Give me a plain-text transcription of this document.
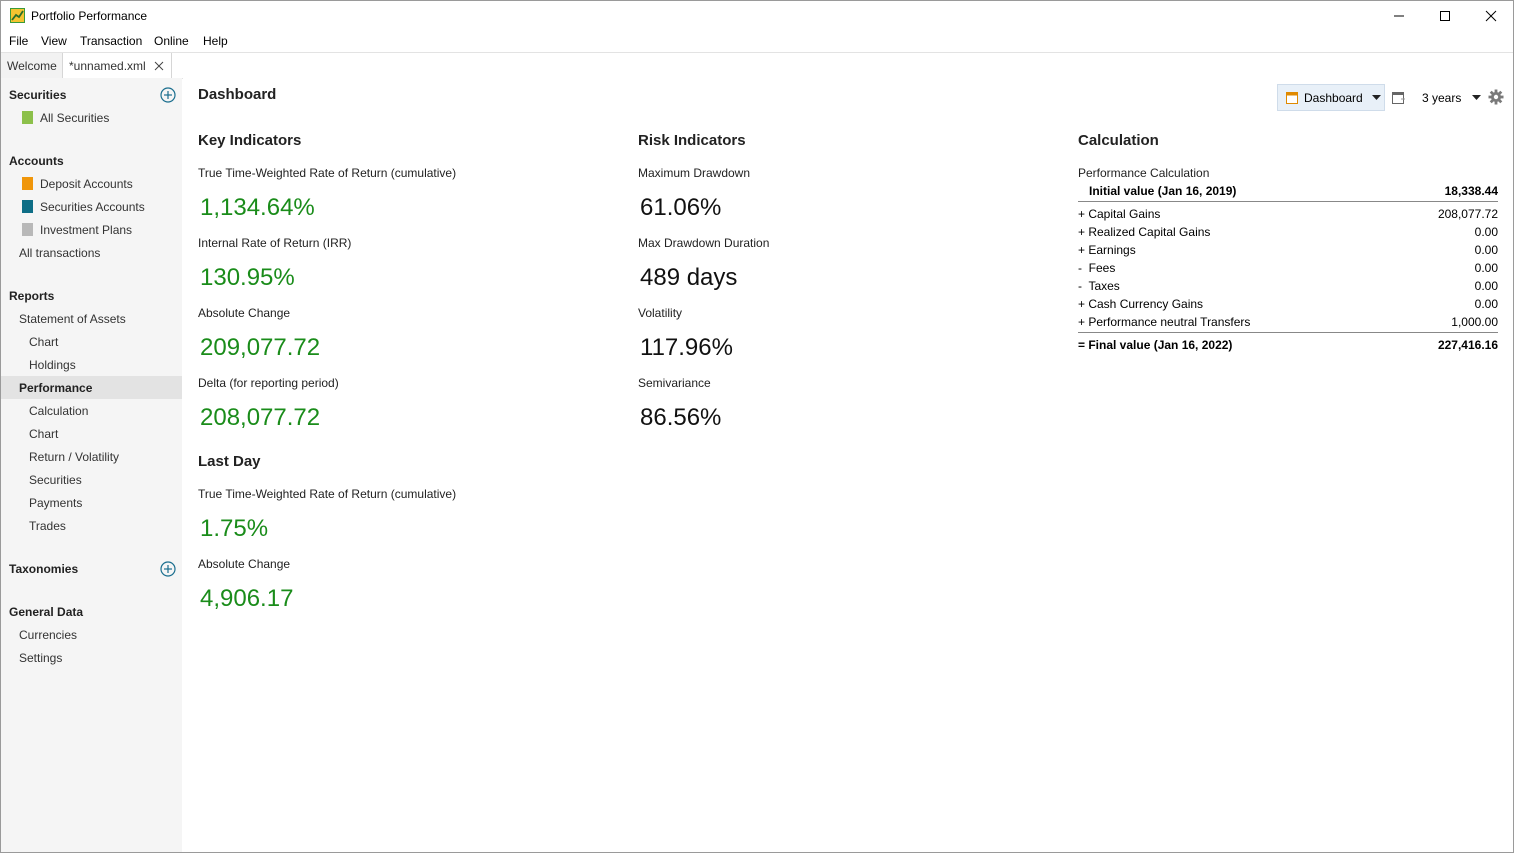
Portfolio Performance
File View Transaction Online Help
Welcome *unnamed.xml
Securities
All Securities
Accounts
Deposit Accounts
Securities Accounts
Investment Plans
All transactions
Reports
Statement of Assets
Chart
Holdings
Performance
Calculation
Chart
Return / Volatility
Securities
Payments
Trades
Taxonomies
General Data
Currencies
Settings
Dashboard	Dashboard	3 years
Key Indicators
True Time-Weighted Rate of Return (cumulative)
1,134.64%
Internal Rate of Return (IRR)
130.95%
Absolute Change
209,077.72
Delta (for reporting period)
208,077.72
Last Day
True Time-Weighted Rate of Return (cumulative)
1.75%
Absolute Change
4,906.17
Risk Indicators
Maximum Drawdown
61.06%
Max Drawdown Duration
489 days
Volatility
117.96%
Semivariance
86.56%
Calculation
Performance Calculation
Initial value (Jan 16, 2019)	18,338.44
+ Capital Gains	208,077.72
+ Realized Capital Gains	0.00
+ Earnings	0.00
-  Fees	0.00
-  Taxes	0.00
+ Cash Currency Gains	0.00
+ Performance neutral Transfers	1,000.00
= Final value (Jan 16, 2022)	227,416.16
